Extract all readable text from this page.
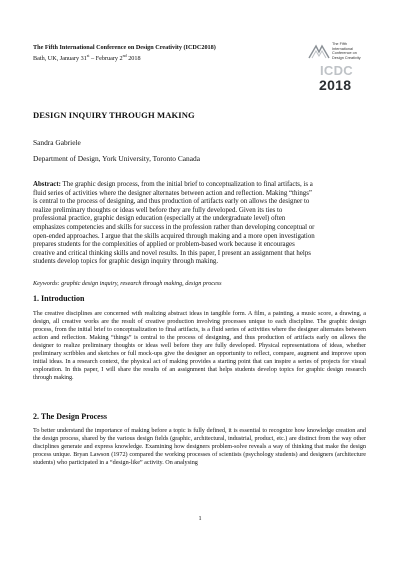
The Fifth International Conference on Design Creativity (ICDC2018)
Bath, UK, January 31st – February 2nd 2018
The Fifth
International
Conference on
Design Creativity
ICDC
2018
DESIGN INQUIRY THROUGH MAKING
Sandra Gabriele
Department of Design, York University, Toronto Canada
Abstract: The graphic design process, from the initial brief to conceptualization to final artifacts, is a fluid series of activities where the designer alternates between action and reflection. Making “things” is central to the process of designing, and thus production of artifacts early on allows the designer to realize preliminary thoughts or ideas well before they are fully developed. Given its ties to professional practice, graphic design education (especially at the undergraduate level) often emphasizes competencies and skills for success in the profession rather than developing conceptual or open-ended approaches. I argue that the skills acquired through making and a more open investigation prepares students for the complexities of applied or problem-based work because it encourages creative and critical thinking skills and novel results. In this paper, I present an assignment that helps students develop topics for graphic design inquiry through making.
Keywords: graphic design inquiry, research through making, design process
1. Introduction
The creative disciplines are concerned with realizing abstract ideas in tangible form. A film, a painting, a music score, a drawing, a design, all creative works are the result of creative production involving processes unique to each discipline. The graphic design process, from the initial brief to conceptualization to final artifacts, is a fluid series of activities where the designer alternates between action and reflection. Making “things” is central to the process of designing, and thus production of artifacts early on allows the designer to realize preliminary thoughts or ideas well before they are fully developed. Physical representations of ideas, whether preliminary scribbles and sketches or full mock-ups give the designer an opportunity to reflect, compare, augment and improve upon initial ideas. In a research context, the physical act of making provides a starting point that can inspire a series of projects for visual exploration. In this paper, I will share the results of an assignment that helps students develop topics for graphic design research through making.
2. The Design Process
To better understand the importance of making before a topic is fully defined, it is essential to recognize how knowledge creation and the design process, shared by the various design fields (graphic, architectural, industrial, product, etc.) are distinct from the way other disciplines generate and express knowledge. Examining how designers problem-solve reveals a way of thinking that make the design process unique. Bryan Lawson (1972) compared the working processes of scientists (psychology students) and designers (architecture students) who participated in a “design-like” activity. On analysing
1
